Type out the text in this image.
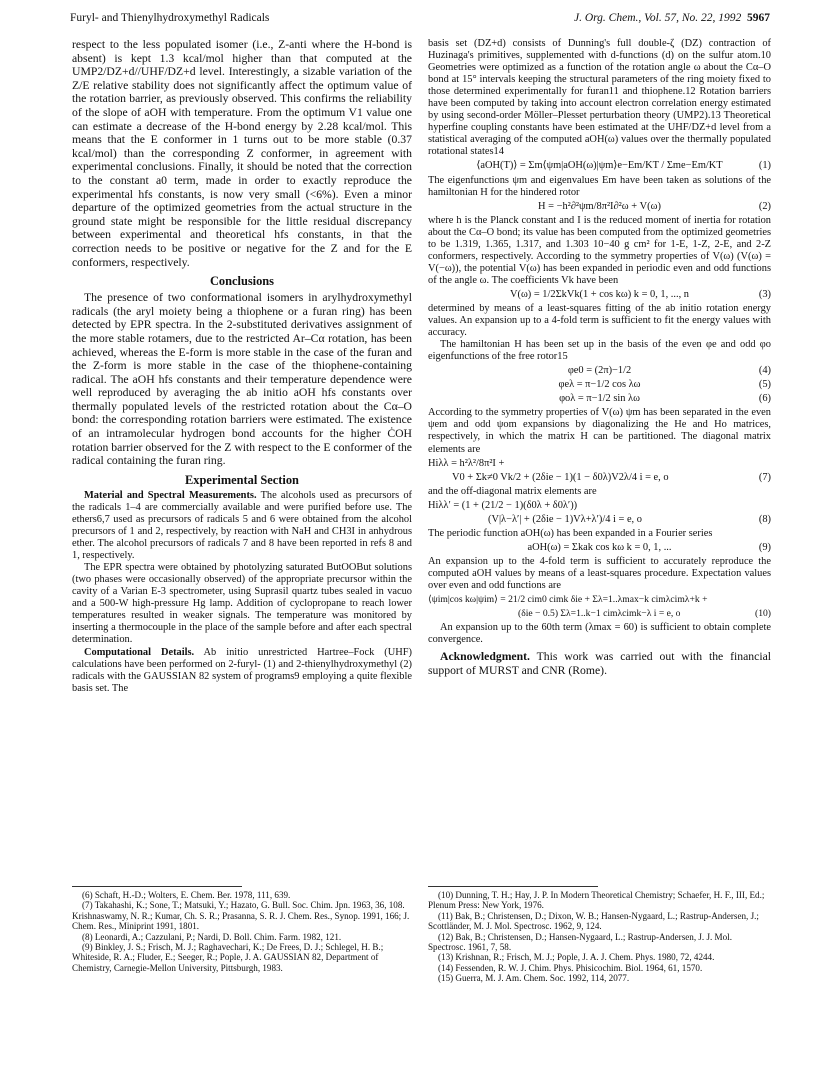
Furyl- and Thienylhydroxymethyl Radicals	J. Org. Chem., Vol. 57, No. 22, 1992 5967

respect to the less populated isomer (i.e., Z-anti where the H-bond is absent) is kept 1.3 kcal/mol higher than that computed at the UMP2/DZ+d//UHF/DZ+d level. Interestingly, a sizable variation of the Z/E relative stability does not significantly affect the optimum value of the rotation barrier, as previously observed. This confirms the reliability of the slope of aOH with temperature. From the optimum V1 value one can estimate a decrease of the H-bond energy by 2.28 kcal/mol. This means that the E conformer in 1 turns out to be more stable (0.37 kcal/mol) than the corresponding Z conformer, in agreement with experimental conclusions. Finally, it should be noted that the correction to the constant a0 term, made in order to exactly reproduce the experimental hfs constants, is now very small (<6%). Even a minor departure of the optimized geometries from the actual structure in the ground state might be responsible for the little residual discrepancy between experimental and theoretical hfs constants, in that the correction needs to be positive or negative for the Z and for the E conformers, respectively.

Conclusions

The presence of two conformational isomers in arylhydroxymethyl radicals (the aryl moiety being a thiophene or a furan ring) has been detected by EPR spectra. In the 2-substituted derivatives assignment of the more stable rotamers, due to the restricted Ar–Cα rotation, has been achieved, whereas the E-form is more stable in the case of the furan and the Z-form is more stable in the case of the thiophene-containing radical. The aOH hfs constants and their temperature dependence were well reproduced by averaging the ab initio aOH hfs constants over thermally populated levels of the restricted rotation about the Cα–O bond: the corresponding rotation barriers were estimated. The existence of an intramolecular hydrogen bond accounts for the higher ĊOH rotation barrier observed for the Z with respect to the E conformer of the radical containing the furan ring.

Experimental Section

Material and Spectral Measurements. The alcohols used as precursors of the radicals 1–4 are commercially available and were purified before use. The ethers6,7 used as precursors of radicals 5 and 6 were obtained from the alcohol precursors of 1 and 2, respectively, by reaction with NaH and CH3I in anhydrous ether. The alcohol precursors of radicals 7 and 8 have been reported in refs 8 and 1, respectively.

The EPR spectra were obtained by photolyzing saturated ButOOBut solutions (two phases were occasionally observed) of the appropriate precursor within the cavity of a Varian E-3 spectrometer, using Suprasil quartz tubes sealed in vacuo and a 500-W high-pressure Hg lamp. Addition of cyclopropane to reach lower temperatures resulted in weaker signals. The temperature was monitored by inserting a thermocouple in the place of the sample before and after each spectral determination.

Computational Details. Ab initio unrestricted Hartree–Fock (UHF) calculations have been performed on 2-furyl- (1) and 2-thienylhydroxymethyl (2) radicals with the GAUSSIAN 82 system of programs9 employing a quite flexible basis set. The

basis set (DZ+d) consists of Dunning's full double-ζ (DZ) contraction of Huzinaga's primitives, supplemented with d-functions (d) on the sulfur atom.10 Geometries were optimized as a function of the rotation angle ω about the Cα–O bond at 15° intervals keeping the structural parameters of the ring moiety fixed to those determined experimentally for furan11 and thiophene.12 Rotation barriers have been computed by taking into account electron correlation energy estimated by using second-order Möller–Plesset perturbation theory (UMP2).13 Theoretical hyperfine coupling constants have been estimated at the UHF/DZ+d level from a statistical averaging of the computed aOH(ω) values over the thermally populated rotational states14

⟨aOH(T)⟩ = Σm⟨ψm|aOH(ω)|ψm⟩e−Em/KT / Σme−Em/KT	(1)

The eigenfunctions ψm and eigenvalues Em have been taken as solutions of the hamiltonian H for the hindered rotor

H = −h²∂²ψm/8π²I∂²ω + V(ω)	(2)

where h is the Planck constant and I is the reduced moment of inertia for rotation about the Cα–O bond; its value has been computed from the optimized geometries to be 1.319, 1.365, 1.317, and 1.303 10−40 g cm² for 1-E, 1-Z, 2-E, and 2-Z conformers, respectively. According to the symmetry properties of V(ω) (V(ω) = V(−ω)), the potential V(ω) has been expanded in periodic even and odd functions of the angle ω. The coefficients Vk have been

V(ω) = 1/2ΣkVk(1 + cos kω) k = 0, 1, ..., n	(3)

determined by means of a least-squares fitting of the ab initio rotation energy values. An expansion up to a 4-fold term is sufficient to fit the energy values with accuracy.

The hamiltonian H has been set up in the basis of the even φe and odd φo eigenfunctions of the free rotor15

φe0 = (2π)−1/2	(4)
φeλ = π−1/2 cos λω	(5)
φoλ = π−1/2 sin λω	(6)

According to the symmetry properties of V(ω) ψm has been separated in the even ψem and odd ψom expansions by diagonalizing the He and Ho matrices, respectively, in which the matrix H can be partitioned. The diagonal matrix elements are

Hiλλ = h²λ²/8π²I +
V0 + Σk≠0 Vk/2 + (2δie − 1)(1 − δ0λ)V2λ/4 i = e, o	(7)

and the off-diagonal matrix elements are

Hiλλ′ = (1 + (21/2 − 1)(δ0λ + δ0λ′))
(V|λ−λ′| + (2δie − 1)Vλ+λ′)/4 i = e, o	(8)

The periodic function aOH(ω) has been expanded in a Fourier series

aOH(ω) = Σkak cos kω k = 0, 1, ...	(9)

An expansion up to the 4-fold term is sufficient to accurately reproduce the computed aOH values by means of a least-squares procedure. Expectation values over even and odd functions are

⟨ψim|cos kω|ψim⟩ = 21/2 cim0 cimk δie + Σλ=1..λmax−k cimλcimλ+k +
(δie − 0.5) Σλ=1..k−1 cimλcimk−λ i = e, o	(10)

An expansion up to the 60th term (λmax = 60) is sufficient to obtain complete convergence.

Acknowledgment. This work was carried out with the financial support of MURST and CNR (Rome).

(6) Schaft, H.-D.; Wolters, E. Chem. Ber. 1978, 111, 639.

(7) Takahashi, K.; Sone, T.; Matsuki, Y.; Hazato, G. Bull. Soc. Chim. Jpn. 1963, 36, 108. Krishnaswamy, N. R.; Kumar, Ch. S. R.; Prasanna, S. R. J. Chem. Res., Synop. 1991, 166; J. Chem. Res., Miniprint 1991, 1801.

(8) Leonardi, A.; Cazzulani, P.; Nardi, D. Boll. Chim. Farm. 1982, 121.

(9) Binkley, J. S.; Frisch, M. J.; Raghavechari, K.; De Frees, D. J.; Schlegel, H. B.; Whiteside, R. A.; Fluder, E.; Seeger, R.; Pople, J. A. GAUSSIAN 82, Department of Chemistry, Carnegie-Mellon University, Pittsburgh, 1983.

(10) Dunning, T. H.; Hay, J. P. In Modern Theoretical Chemistry; Schaefer, H. F., III, Ed.; Plenum Press: New York, 1976.

(11) Bak, B.; Christensen, D.; Dixon, W. B.; Hansen-Nygaard, L.; Rastrup-Andersen, J.; Scottländer, M. J. Mol. Spectrosc. 1962, 9, 124.

(12) Bak, B.; Christensen, D.; Hansen-Nygaard, L.; Rastrup-Andersen, J. J. Mol. Spectrosc. 1961, 7, 58.

(13) Krishnan, R.; Frisch, M. J.; Pople, J. A. J. Chem. Phys. 1980, 72, 4244.

(14) Fessenden, R. W. J. Chim. Phys. Phisicochim. Biol. 1964, 61, 1570.

(15) Guerra, M. J. Am. Chem. Soc. 1992, 114, 2077.
